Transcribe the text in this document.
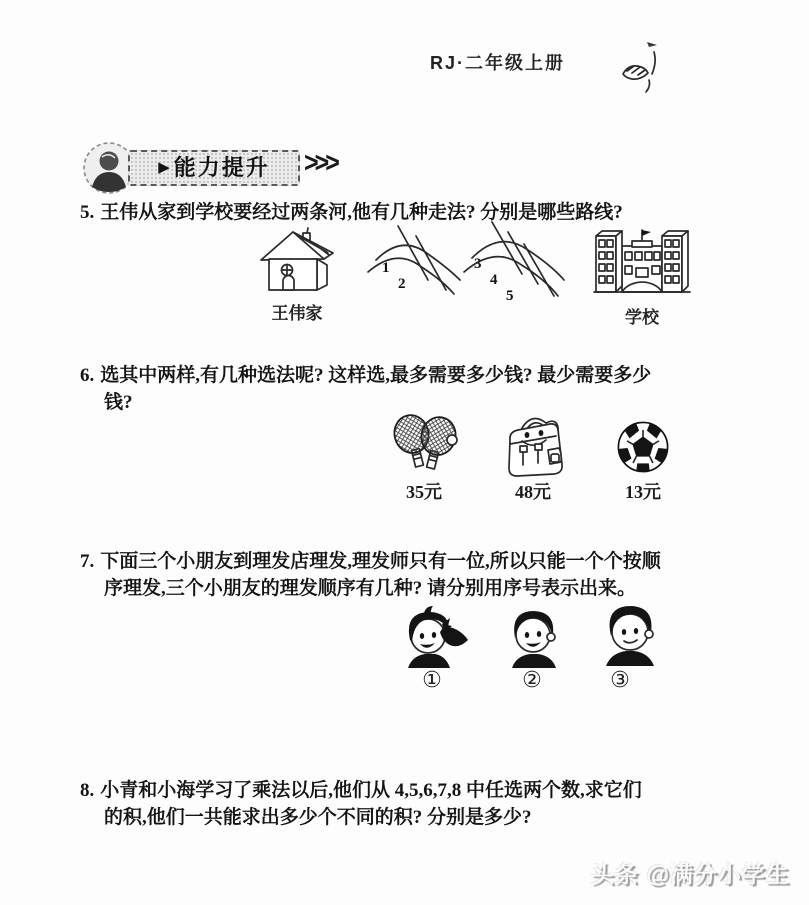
RJ·二年级上册
▶ 能力提升 >>>
5. 王伟从家到学校要经过两条河,他有几种走法? 分别是哪些路线?
王伟家
1
2
3
4
5
学校
6. 选其中两样,有几种选法呢? 这样选,最多需要多少钱? 最少需要多少
钱?
35元	48元	13元
7. 下面三个小朋友到理发店理发,理发师只有一位,所以只能一个个按顺
序理发,三个小朋友的理发顺序有几种? 请分别用序号表示出来。
①	②	③
8. 小青和小海学习了乘法以后,他们从 4,5,6,7,8 中任选两个数,求它们
的积,他们一共能求出多少个不同的积? 分别是多少?
头条 @满分小学生
